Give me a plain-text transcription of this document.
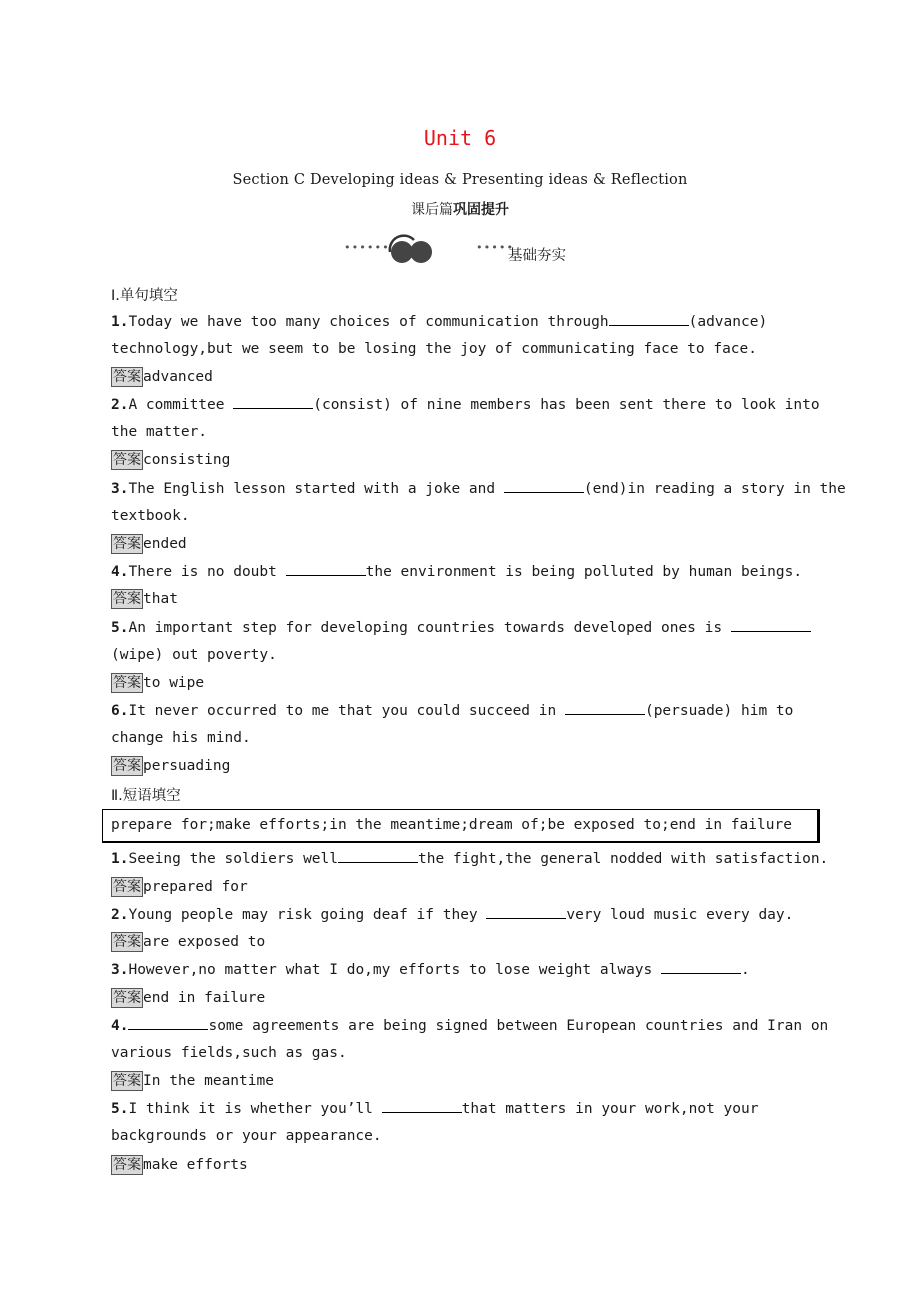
Unit 6
Section C Developing ideas & Presenting ideas & Reflection
课后篇巩固提升
••••••	•••••
基础夯实
Ⅰ.单句填空
1.Today we have too many choices of communication through	(advance)
technology,but we seem to be losing the joy of communicating face to face.
答案 advanced
2.A committee	(consist) of nine members has been sent there to look into
the matter.
答案 consisting
3.The English lesson started with a joke and	(end)in reading a story in the
textbook.
答案 ended
4.There is no doubt	the environment is being polluted by human beings.
答案 that
5.An important step for developing countries towards developed ones is
(wipe) out poverty.
答案 to wipe
6.It never occurred to me that you could succeed in	(persuade) him to
change his mind.
答案 persuading
Ⅱ.短语填空
prepare for;make efforts;in the meantime;dream of;be exposed to;end in failure
1.Seeing the soldiers well	the fight,the general nodded with satisfaction.
答案 prepared for
2.Young people may risk going deaf if they	very loud music every day.
答案 are exposed to
3.However,no matter what I do,my efforts to lose weight always	.
答案 end in failure
4.	some agreements are being signed between European countries and Iran on
various fields,such as gas.
答案 In the meantime
5.I think it is whether you’ll	that matters in your work,not your
backgrounds or your appearance.
答案 make efforts
